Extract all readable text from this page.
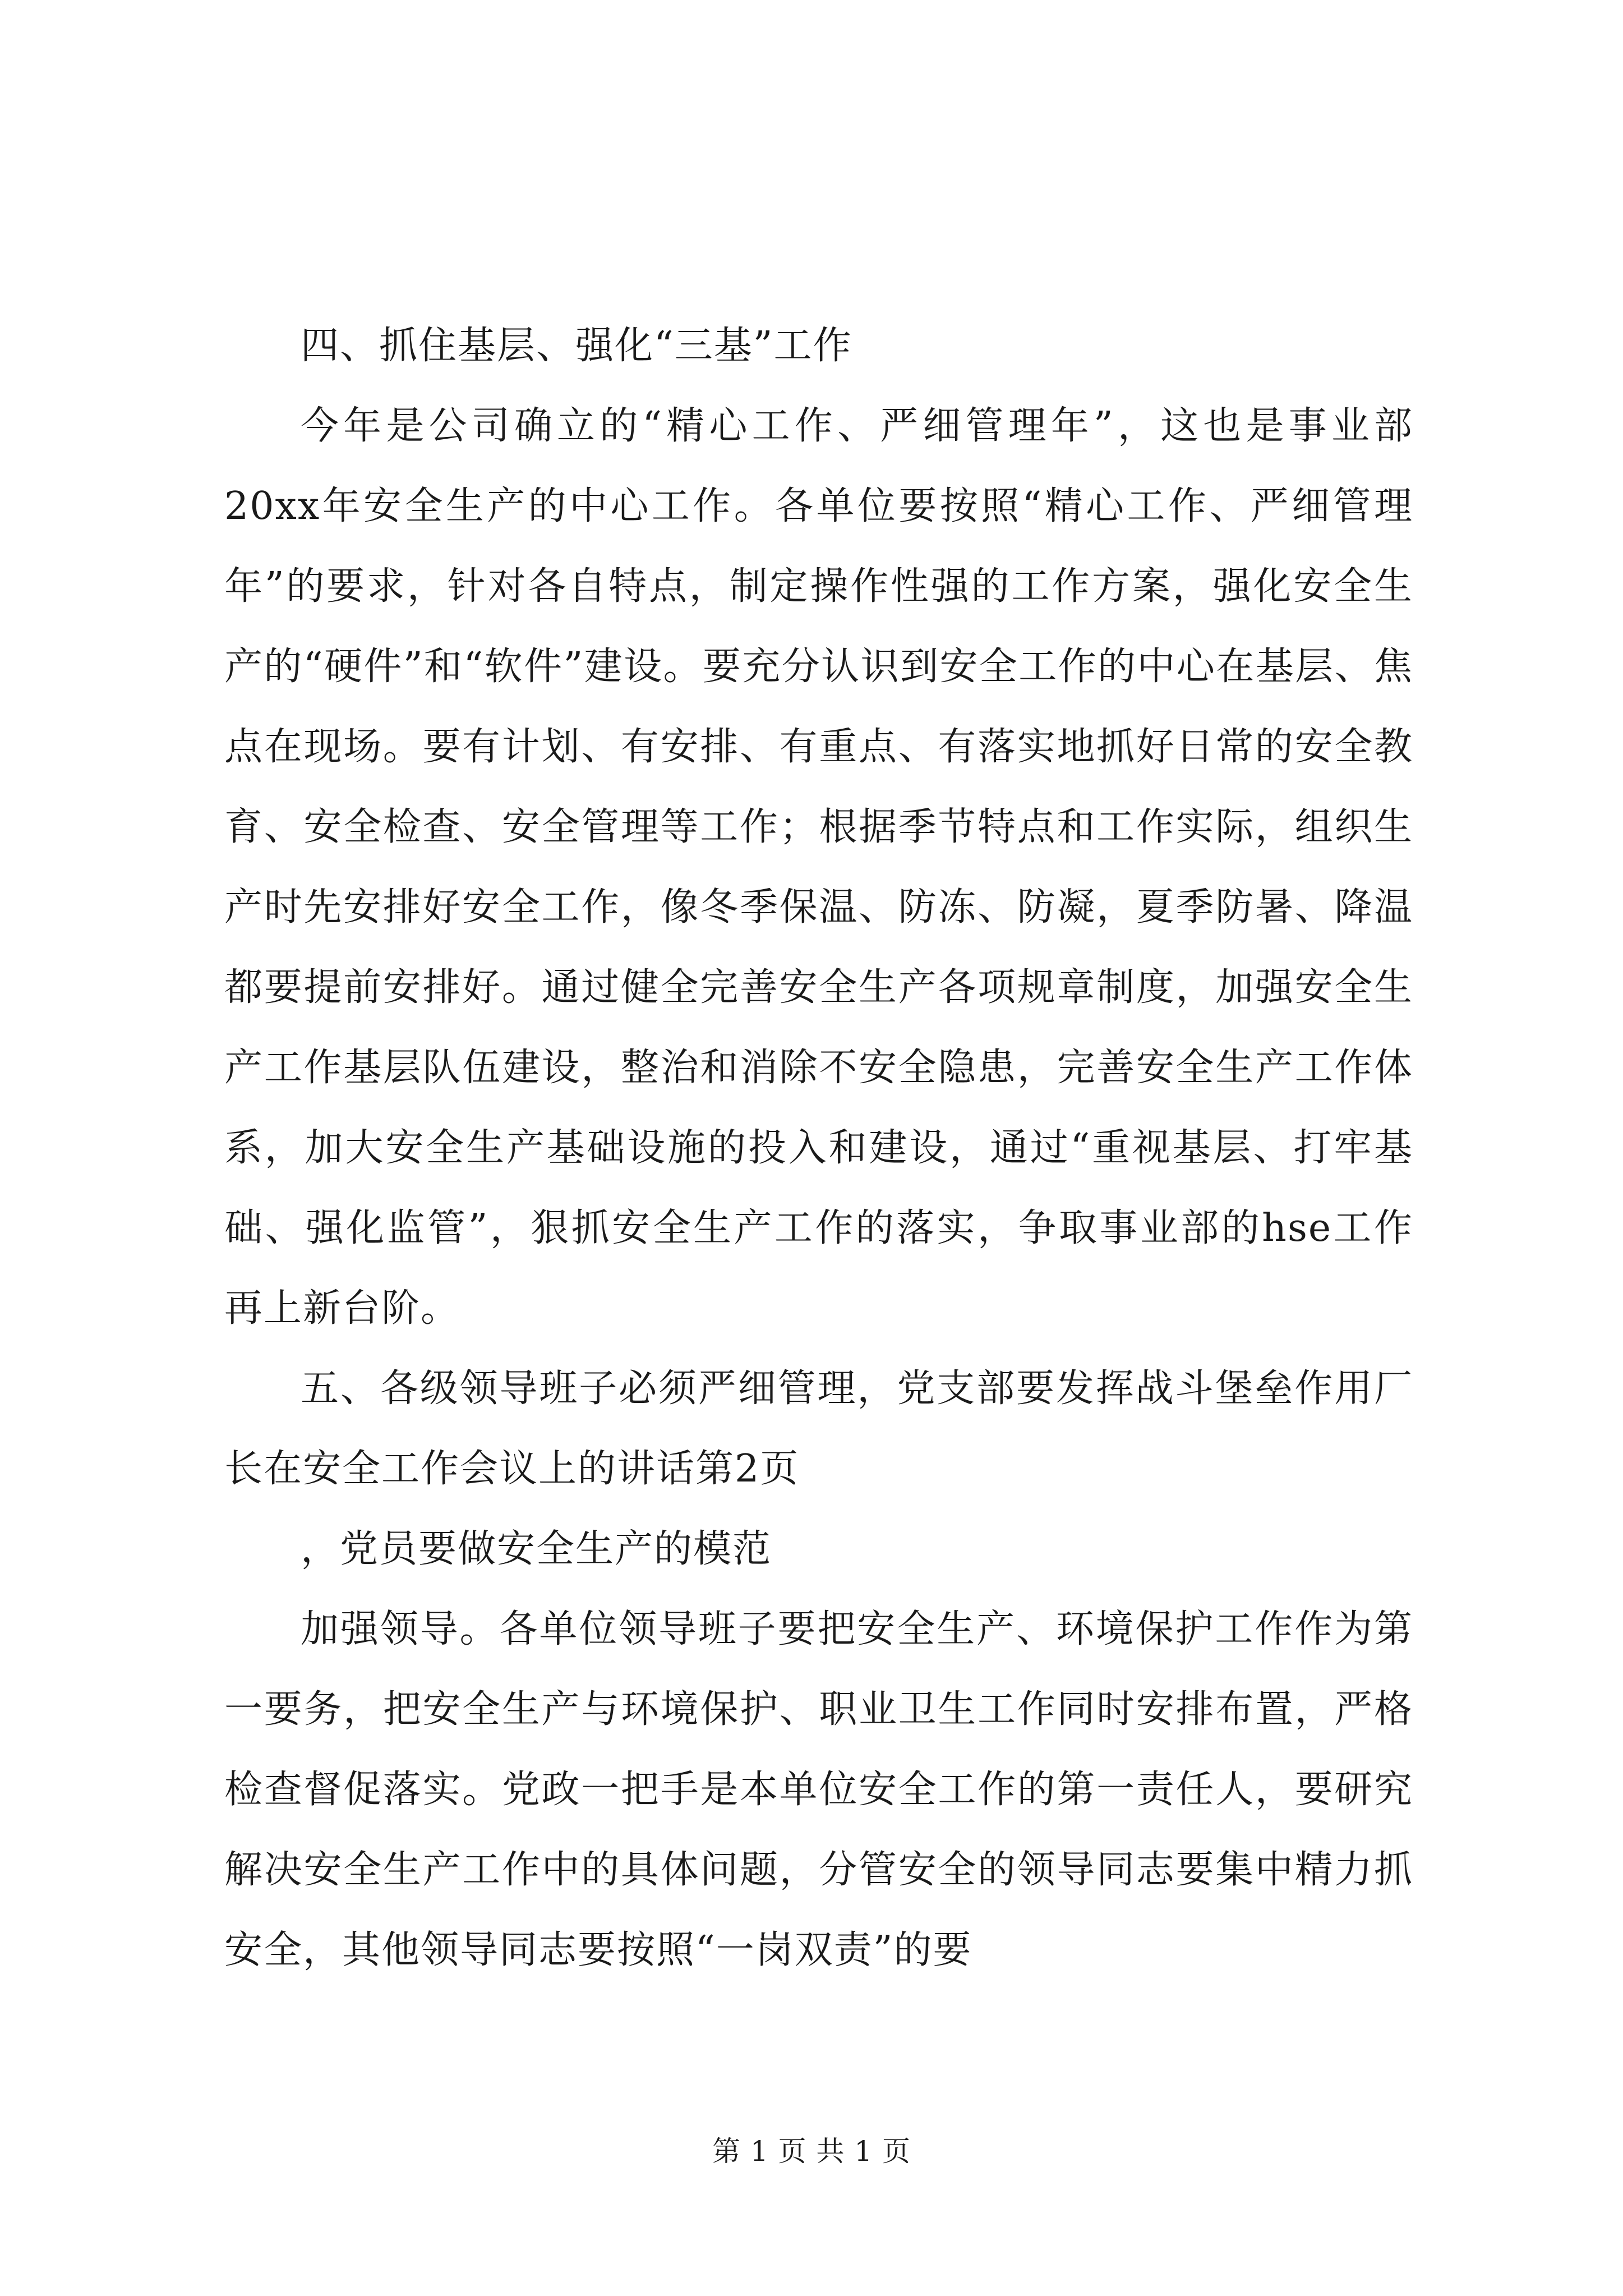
四、抓住基层、强化“三基”工作

今年是公司确立的“精心工作、严细管理年”，这也是事业部20xx年安全生产的中心工作。各单位要按照“精心工作、严细管理年”的要求，针对各自特点，制定操作性强的工作方案，强化安全生产的“硬件”和“软件”建设。要充分认识到安全工作的中心在基层、焦点在现场。要有计划、有安排、有重点、有落实地抓好日常的安全教育、安全检查、安全管理等工作；根据季节特点和工作实际，组织生产时先安排好安全工作，像冬季保温、防冻、防凝，夏季防暑、降温都要提前安排好。通过健全完善安全生产各项规章制度，加强安全生产工作基层队伍建设，整治和消除不安全隐患，完善安全生产工作体系，加大安全生产基础设施的投入和建设，通过“重视基层、打牢基础、强化监管”，狠抓安全生产工作的落实，争取事业部的hse工作再上新台阶。

五、各级领导班子必须严细管理，党支部要发挥战斗堡垒作用厂长在安全工作会议上的讲话第2页

，党员要做安全生产的模范

加强领导。各单位领导班子要把安全生产、环境保护工作作为第一要务，把安全生产与环境保护、职业卫生工作同时安排布置，严格检查督促落实。党政一把手是本单位安全工作的第一责任人，要研究解决安全生产工作中的具体问题，分管安全的领导同志要集中精力抓安全，其他领导同志要按照“一岗双责”的要

第 1 页 共 1 页
